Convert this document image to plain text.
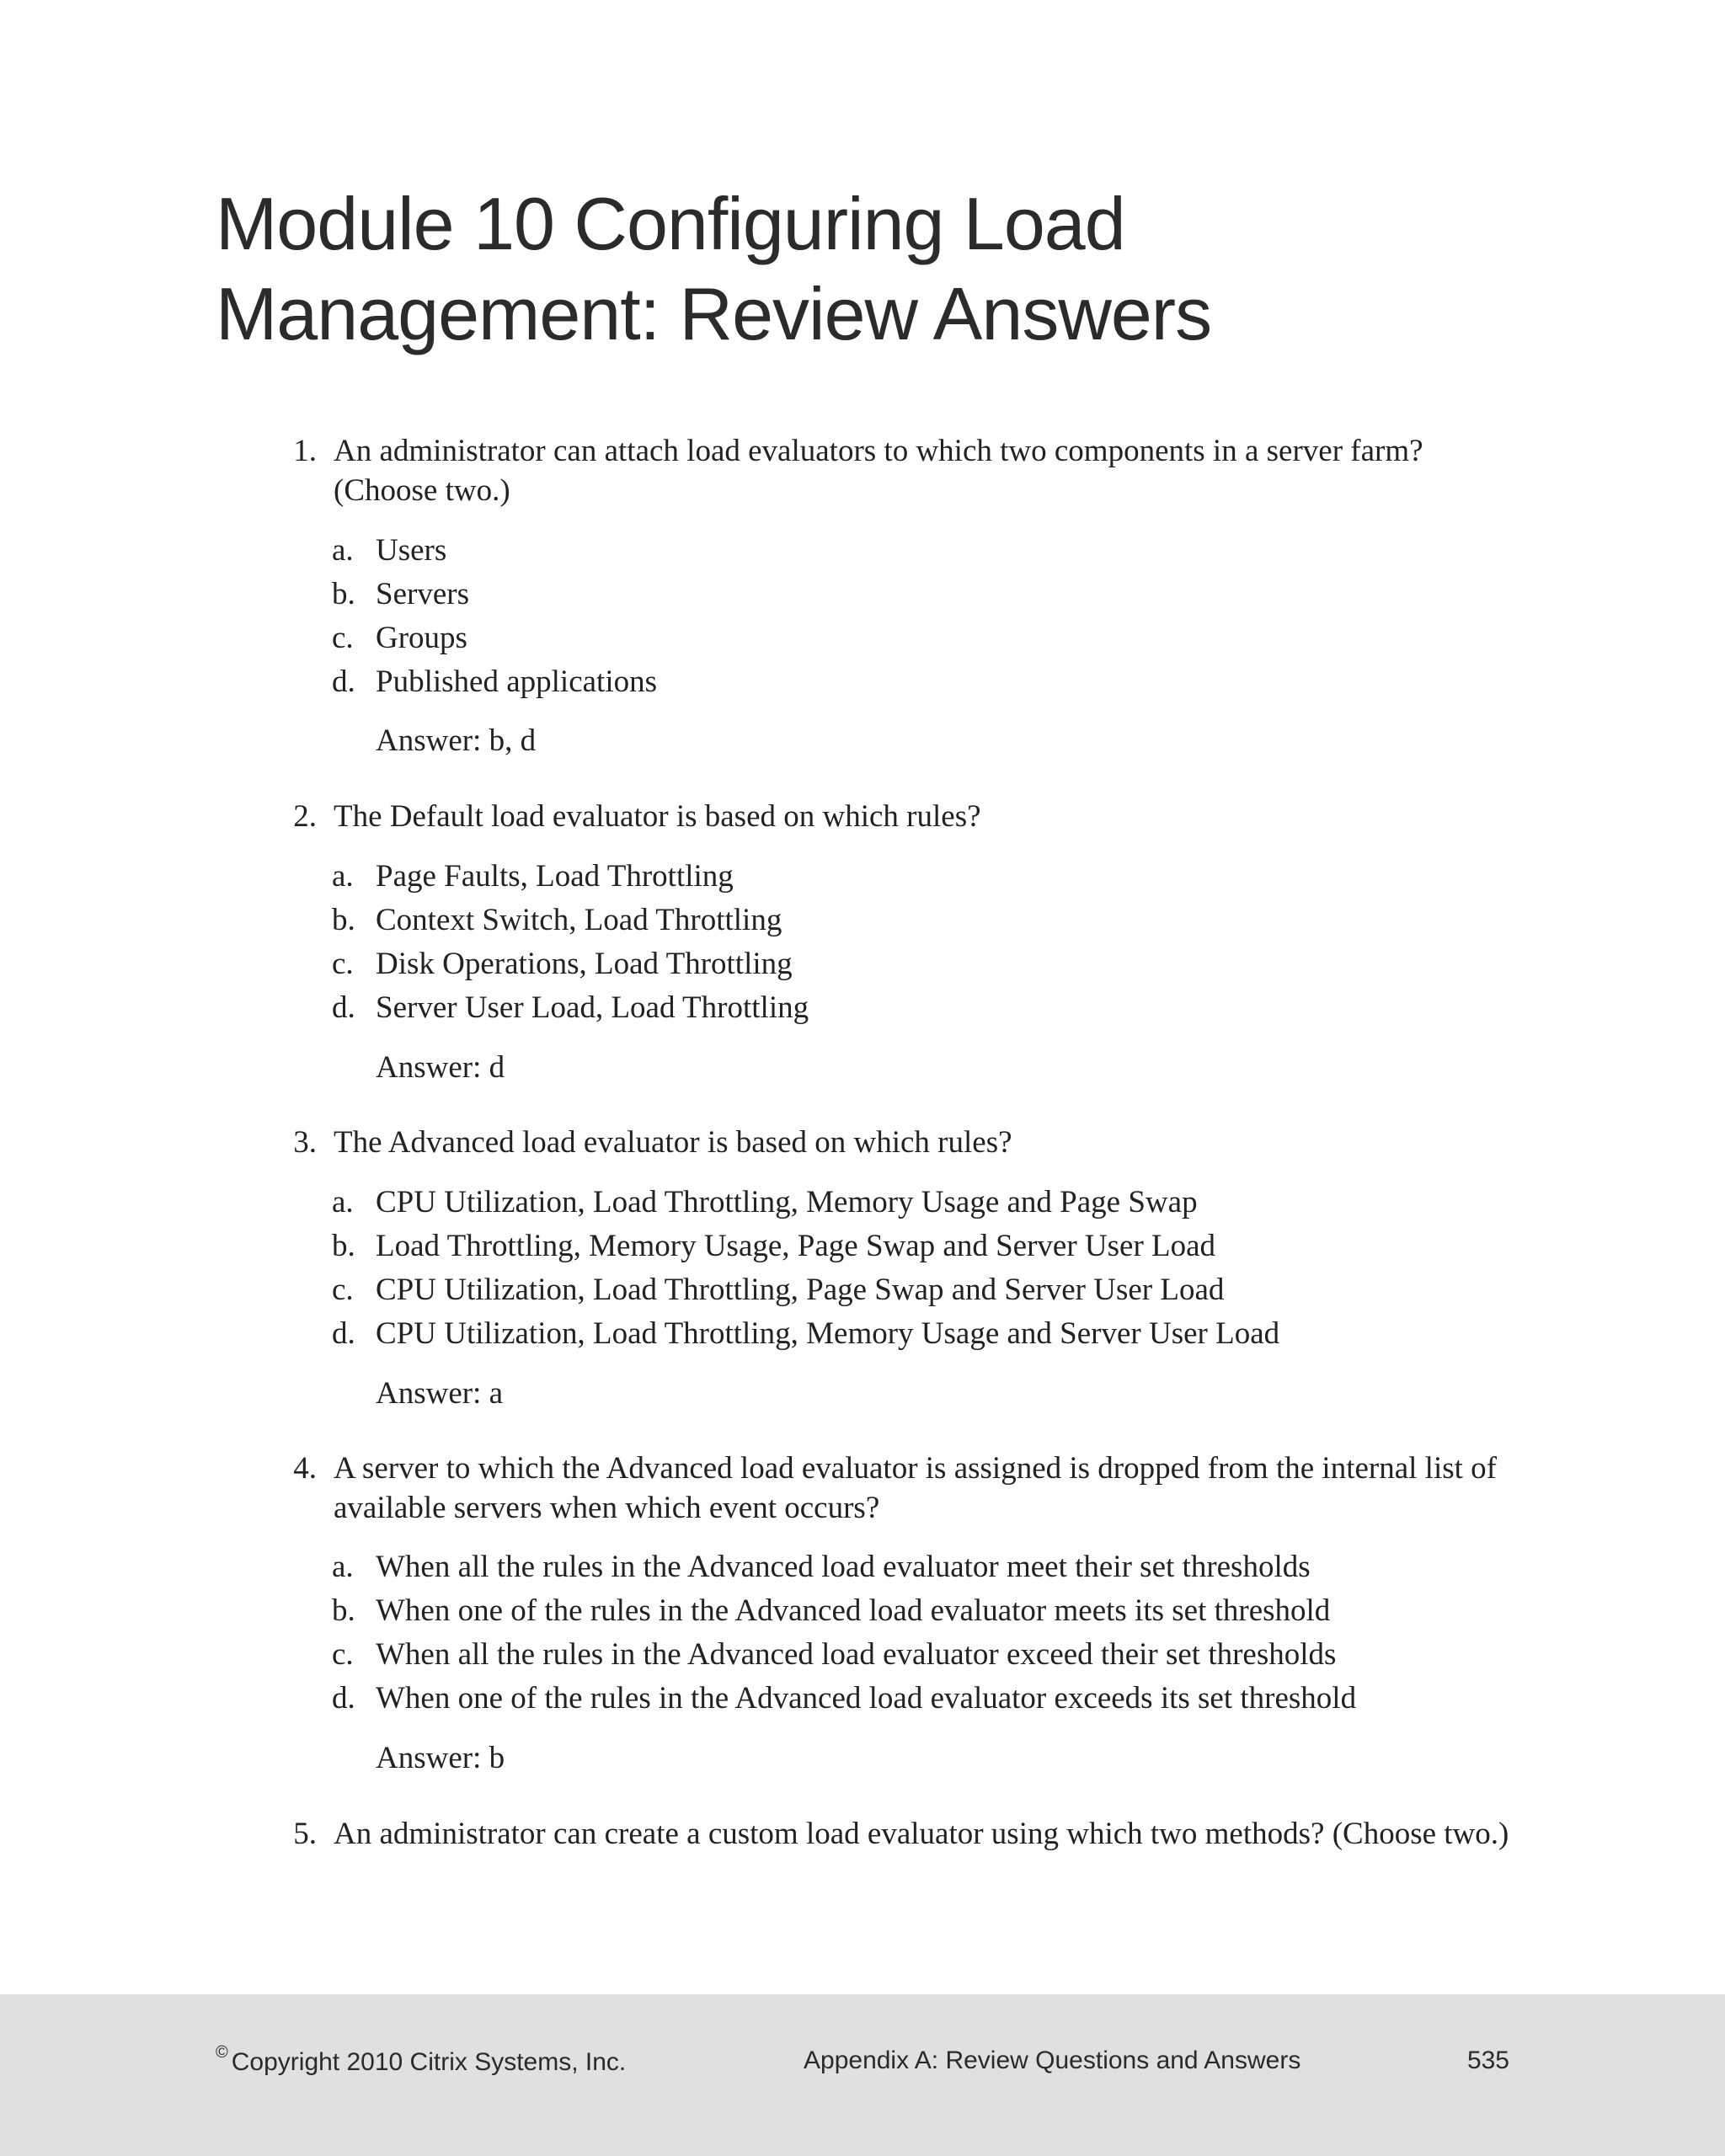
Module 10 Configuring Load
Management: Review Answers
1. An administrator can attach load evaluators to which two components in a server farm? (Choose two.)
a. Users
b. Servers
c. Groups
d. Published applications
Answer: b, d
2. The Default load evaluator is based on which rules?
a. Page Faults, Load Throttling
b. Context Switch, Load Throttling
c. Disk Operations, Load Throttling
d. Server User Load, Load Throttling
Answer: d
3. The Advanced load evaluator is based on which rules?
a. CPU Utilization, Load Throttling, Memory Usage and Page Swap
b. Load Throttling, Memory Usage, Page Swap and Server User Load
c. CPU Utilization, Load Throttling, Page Swap and Server User Load
d. CPU Utilization, Load Throttling, Memory Usage and Server User Load
Answer: a
4. A server to which the Advanced load evaluator is assigned is dropped from the internal list of available servers when which event occurs?
a. When all the rules in the Advanced load evaluator meet their set thresholds
b. When one of the rules in the Advanced load evaluator meets its set threshold
c. When all the rules in the Advanced load evaluator exceed their set thresholds
d. When one of the rules in the Advanced load evaluator exceeds its set threshold
Answer: b
5. An administrator can create a custom load evaluator using which two methods? (Choose two.)
© Copyright 2010 Citrix Systems, Inc.	Appendix A: Review Questions and Answers	535
